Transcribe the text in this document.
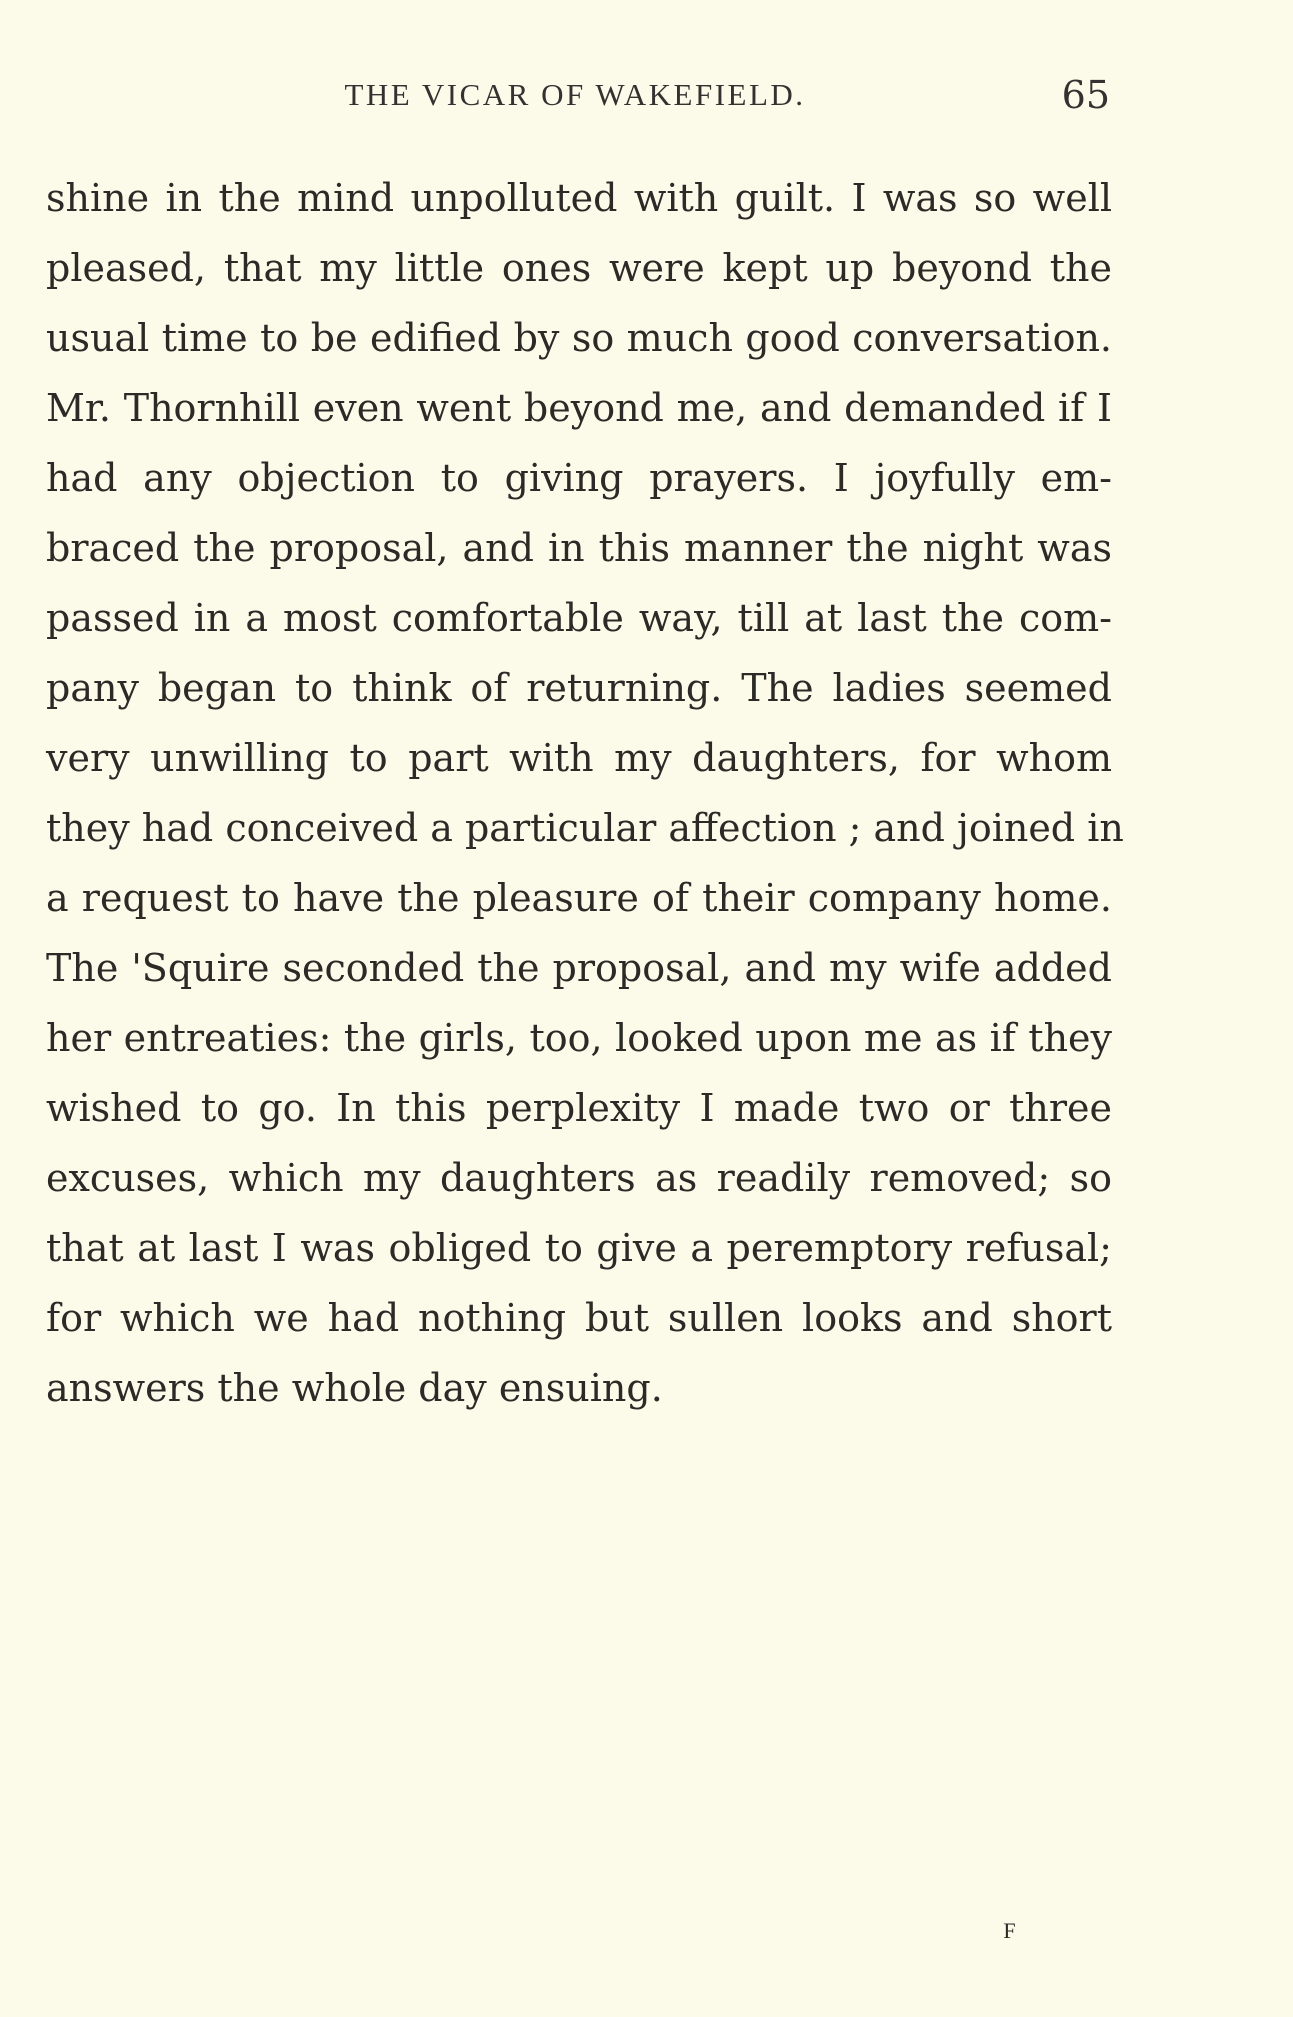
THE VICAR OF WAKEFIELD.	65
shine in the mind unpolluted with guilt. I was so well
pleased, that my little ones were kept up beyond the
usual time to be edified by so much good conversation.
Mr. Thornhill even went beyond me, and demanded if I
had any objection to giving prayers. I joyfully em-
braced the proposal, and in this manner the night was
passed in a most comfortable way, till at last the com-
pany began to think of returning. The ladies seemed
very unwilling to part with my daughters, for whom
they had conceived a particular affection ; and joined in
a request to have the pleasure of their company home.
The 'Squire seconded the proposal, and my wife added
her entreaties: the girls, too, looked upon me as if they
wished to go. In this perplexity I made two or three
excuses, which my daughters as readily removed; so
that at last I was obliged to give a peremptory refusal;
for which we had nothing but sullen looks and short
answers the whole day ensuing.
F
